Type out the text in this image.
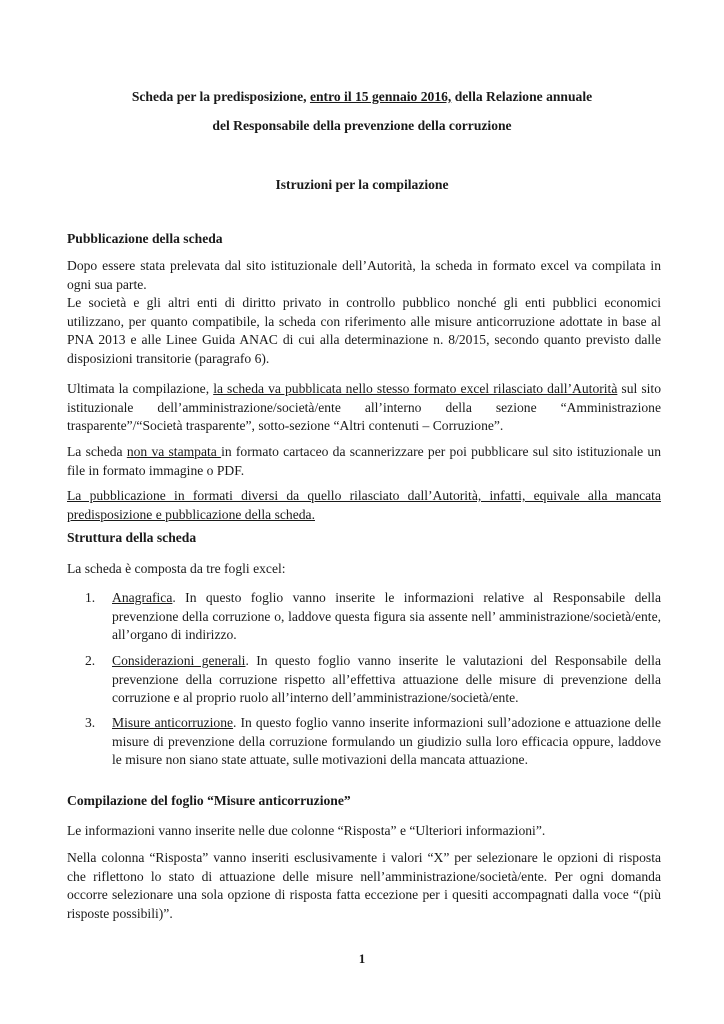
Scheda per la predisposizione, entro il 15 gennaio 2016, della Relazione annuale
del Responsabile della prevenzione della corruzione
Istruzioni per la compilazione
Pubblicazione della scheda

Dopo essere stata prelevata dal sito istituzionale dell’Autorità, la scheda in formato excel va compilata in ogni sua parte.

Le società e gli altri enti di diritto privato in controllo pubblico nonché gli enti pubblici economici utilizzano, per quanto compatibile, la scheda con riferimento alle misure anticorruzione adottate in base al PNA 2013 e alle Linee Guida ANAC di cui alla determinazione n. 8/2015, secondo quanto previsto dalle disposizioni transitorie (paragrafo 6).

Ultimata la compilazione, la scheda va pubblicata nello stesso formato excel rilasciato dall’Autorità sul sito istituzionale dell’amministrazione/società/ente all’interno della sezione “Amministrazione trasparente”/“Società trasparente”, sotto-sezione “Altri contenuti – Corruzione”.

La scheda non va stampata in formato cartaceo da scannerizzare per poi pubblicare sul sito istituzionale un file in formato immagine o PDF.

La pubblicazione in formati diversi da quello rilasciato dall’Autorità, infatti, equivale alla mancata predisposizione e pubblicazione della scheda.

Struttura della scheda

La scheda è composta da tre fogli excel:

1. Anagrafica. In questo foglio vanno inserite le informazioni relative al Responsabile della prevenzione della corruzione o, laddove questa figura sia assente nell’ amministrazione/società/ente, all’organo di indirizzo.
2. Considerazioni generali. In questo foglio vanno inserite le valutazioni del Responsabile della prevenzione della corruzione rispetto all’effettiva attuazione delle misure di prevenzione della corruzione e al proprio ruolo all’interno dell’amministrazione/società/ente.
3. Misure anticorruzione. In questo foglio vanno inserite informazioni sull’adozione e attuazione delle misure di prevenzione della corruzione formulando un giudizio sulla loro efficacia oppure, laddove le misure non siano state attuate, sulle motivazioni della mancata attuazione.
Compilazione del foglio “Misure anticorruzione”

Le informazioni vanno inserite nelle due colonne “Risposta” e “Ulteriori informazioni”.

Nella colonna “Risposta” vanno inseriti esclusivamente i valori “X” per selezionare le opzioni di risposta che riflettono lo stato di attuazione delle misure nell’amministrazione/società/ente. Per ogni domanda occorre selezionare una sola opzione di risposta fatta eccezione per i quesiti accompagnati dalla voce “(più risposte possibili)”.

1
